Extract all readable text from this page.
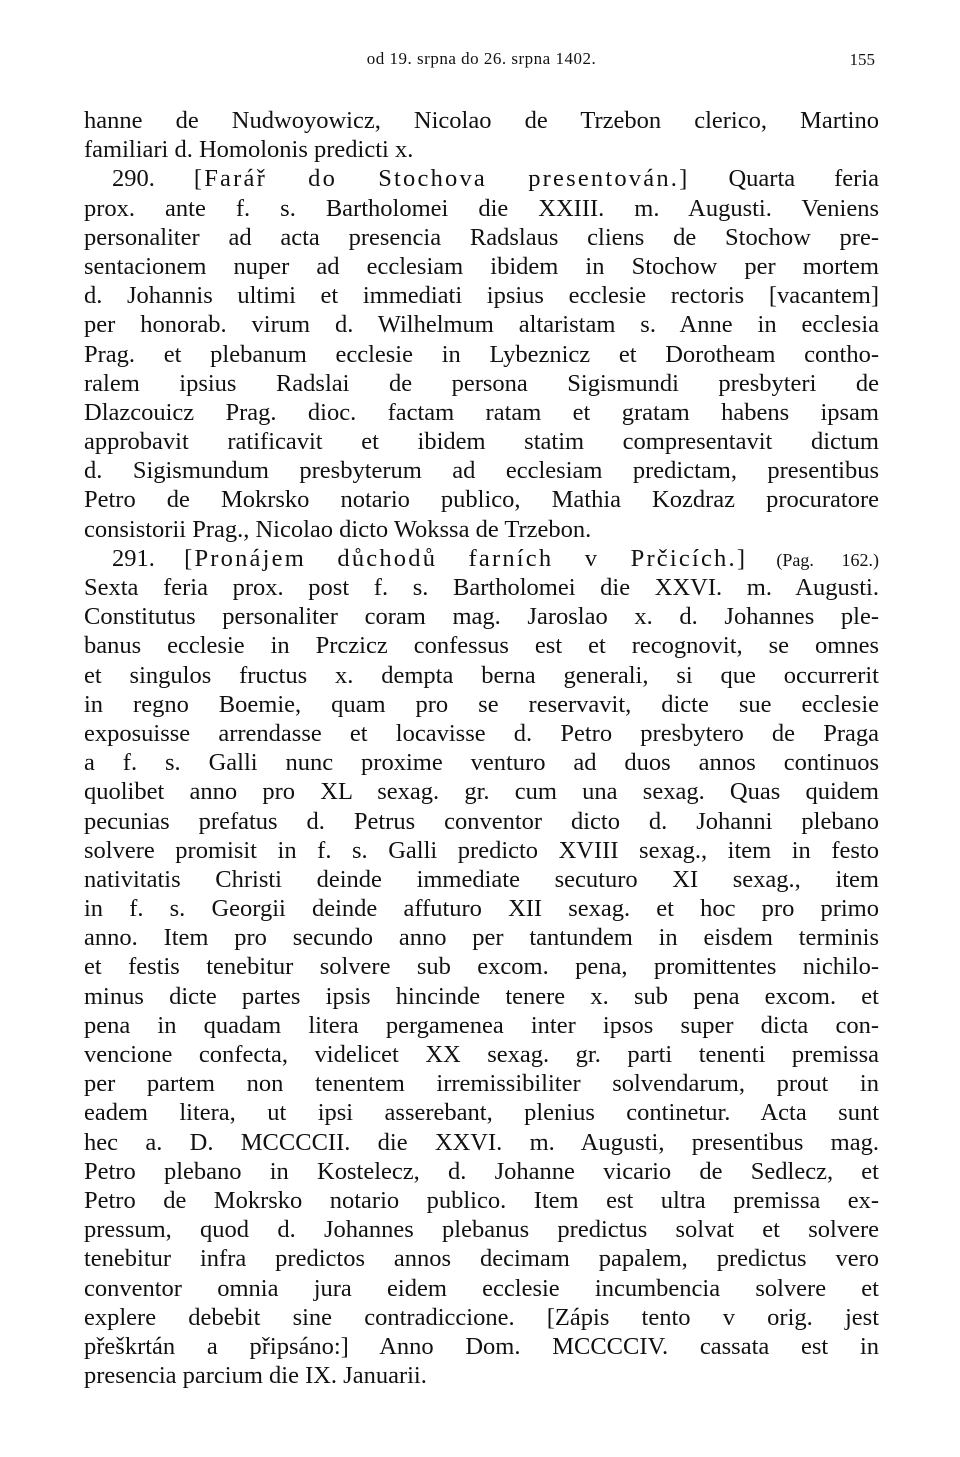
od 19. srpna do 26. srpna 1402.	155
hanne de Nudwoyowicz, Nicolao de Trzebon clerico, Martino
familiari d. Homolonis predicti x.
290. [Farář do Stochova presentován.] Quarta feria
prox. ante f. s. Bartholomei die XXIII. m. Augusti. Veniens
personaliter ad acta presencia Radslaus cliens de Stochow pre-
sentacionem nuper ad ecclesiam ibidem in Stochow per mortem
d. Johannis ultimi et immediati ipsius ecclesie rectoris [vacantem]
per honorab. virum d. Wilhelmum altaristam s. Anne in ecclesia
Prag. et plebanum ecclesie in Lybeznicz et Dorotheam contho-
ralem ipsius Radslai de persona Sigismundi presbyteri de
Dlazcouicz Prag. dioc. factam ratam et gratam habens ipsam
approbavit ratificavit et ibidem statim compresentavit dictum
d. Sigismundum presbyterum ad ecclesiam predictam, presentibus
Petro de Mokrsko notario publico, Mathia Kozdraz procuratore
consistorii Prag., Nicolao dicto Wokssa de Trzebon.
291. [Pronájem důchodů farních v Prčicích.] (Pag. 162.)
Sexta feria prox. post f. s. Bartholomei die XXVI. m. Augusti.
Constitutus personaliter coram mag. Jaroslao x. d. Johannes ple-
banus ecclesie in Prczicz confessus est et recognovit, se omnes
et singulos fructus x. dempta berna generali, si que occurrerit
in regno Boemie, quam pro se reservavit, dicte sue ecclesie
exposuisse arrendasse et locavisse d. Petro presbytero de Praga
a f. s. Galli nunc proxime venturo ad duos annos continuos
quolibet anno pro XL sexag. gr. cum una sexag. Quas quidem
pecunias prefatus d. Petrus conventor dicto d. Johanni plebano
solvere promisit in f. s. Galli predicto XVIII sexag., item in festo
nativitatis Christi deinde immediate secuturo XI sexag., item
in f. s. Georgii deinde affuturo XII sexag. et hoc pro primo
anno. Item pro secundo anno per tantundem in eisdem terminis
et festis tenebitur solvere sub excom. pena, promittentes nichilo-
minus dicte partes ipsis hincinde tenere x. sub pena excom. et
pena in quadam litera pergamenea inter ipsos super dicta con-
vencione confecta, videlicet XX sexag. gr. parti tenenti premissa
per partem non tenentem irremissibiliter solvendarum, prout in
eadem litera, ut ipsi asserebant, plenius continetur. Acta sunt
hec a. D. MCCCCII. die XXVI. m. Augusti, presentibus mag.
Petro plebano in Kostelecz, d. Johanne vicario de Sedlecz, et
Petro de Mokrsko notario publico. Item est ultra premissa ex-
pressum, quod d. Johannes plebanus predictus solvat et solvere
tenebitur infra predictos annos decimam papalem, predictus vero
conventor omnia jura eidem ecclesie incumbencia solvere et
explere debebit sine contradiccione. [Zápis tento v orig. jest
přeškrtán a připsáno:] Anno Dom. MCCCCIV. cassata est in
presencia parcium die IX. Januarii.
